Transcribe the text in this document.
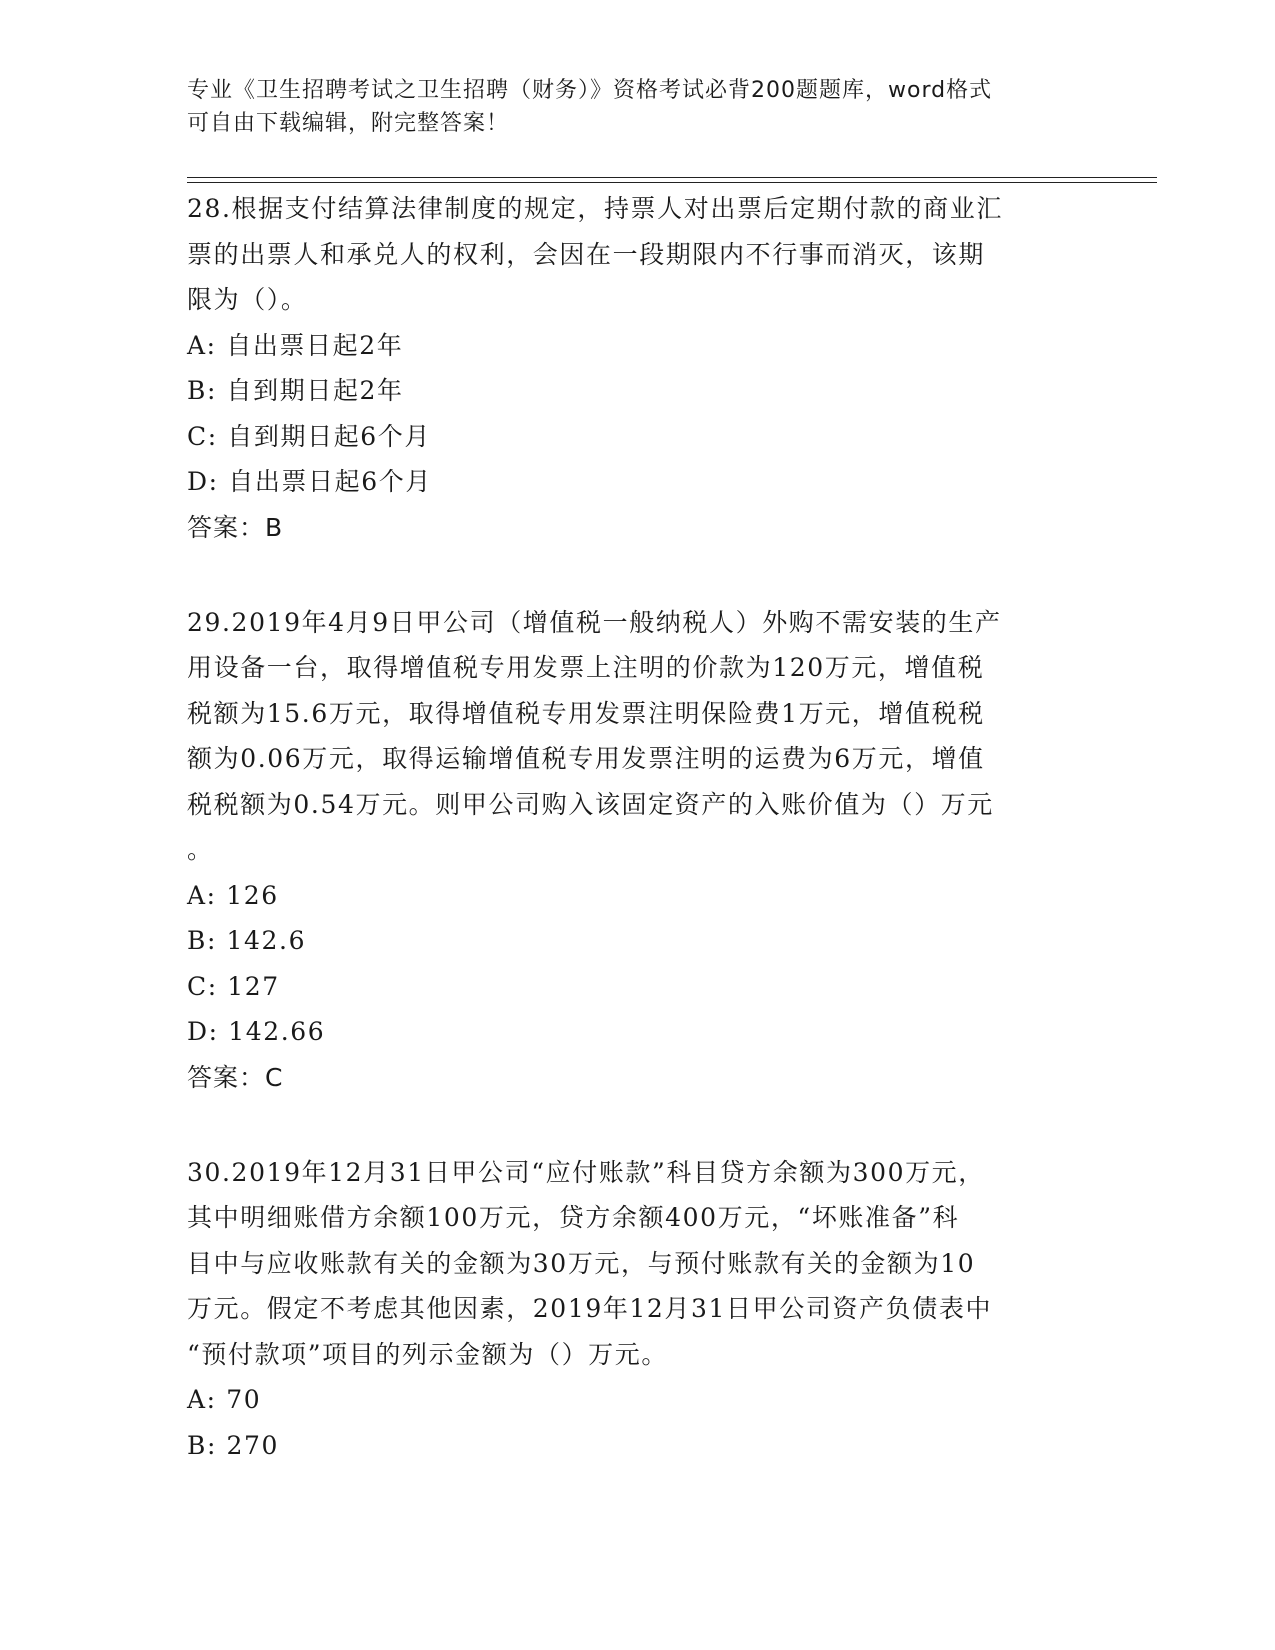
专业《卫生招聘考试之卫生招聘（财务）》资格考试必背200题题库，word格式
可自由下载编辑，附完整答案！

28.根据支付结算法律制度的规定，持票人对出票后定期付款的商业汇

票的出票人和承兑人的权利，会因在一段期限内不行事而消灭，该期

限为（）。

A: 自出票日起2年

B: 自到期日起2年

C: 自到期日起6个月

D: 自出票日起6个月

答案：B

29.2019年4月9日甲公司（增值税一般纳税人）外购不需安装的生产

用设备一台，取得增值税专用发票上注明的价款为120万元，增值税

税额为15.6万元，取得增值税专用发票注明保险费1万元，增值税税

额为0.06万元，取得运输增值税专用发票注明的运费为6万元，增值

税税额为0.54万元。则甲公司购入该固定资产的入账价值为（）万元

。

A: 126

B: 142.6

C: 127

D: 142.66

答案：C

30.2019年12月31日甲公司“应付账款”科目贷方余额为300万元，

其中明细账借方余额100万元，贷方余额400万元，“坏账准备”科

目中与应收账款有关的金额为30万元，与预付账款有关的金额为10

万元。假定不考虑其他因素，2019年12月31日甲公司资产负债表中

“预付款项”项目的列示金额为（）万元。

A: 70

B: 270
